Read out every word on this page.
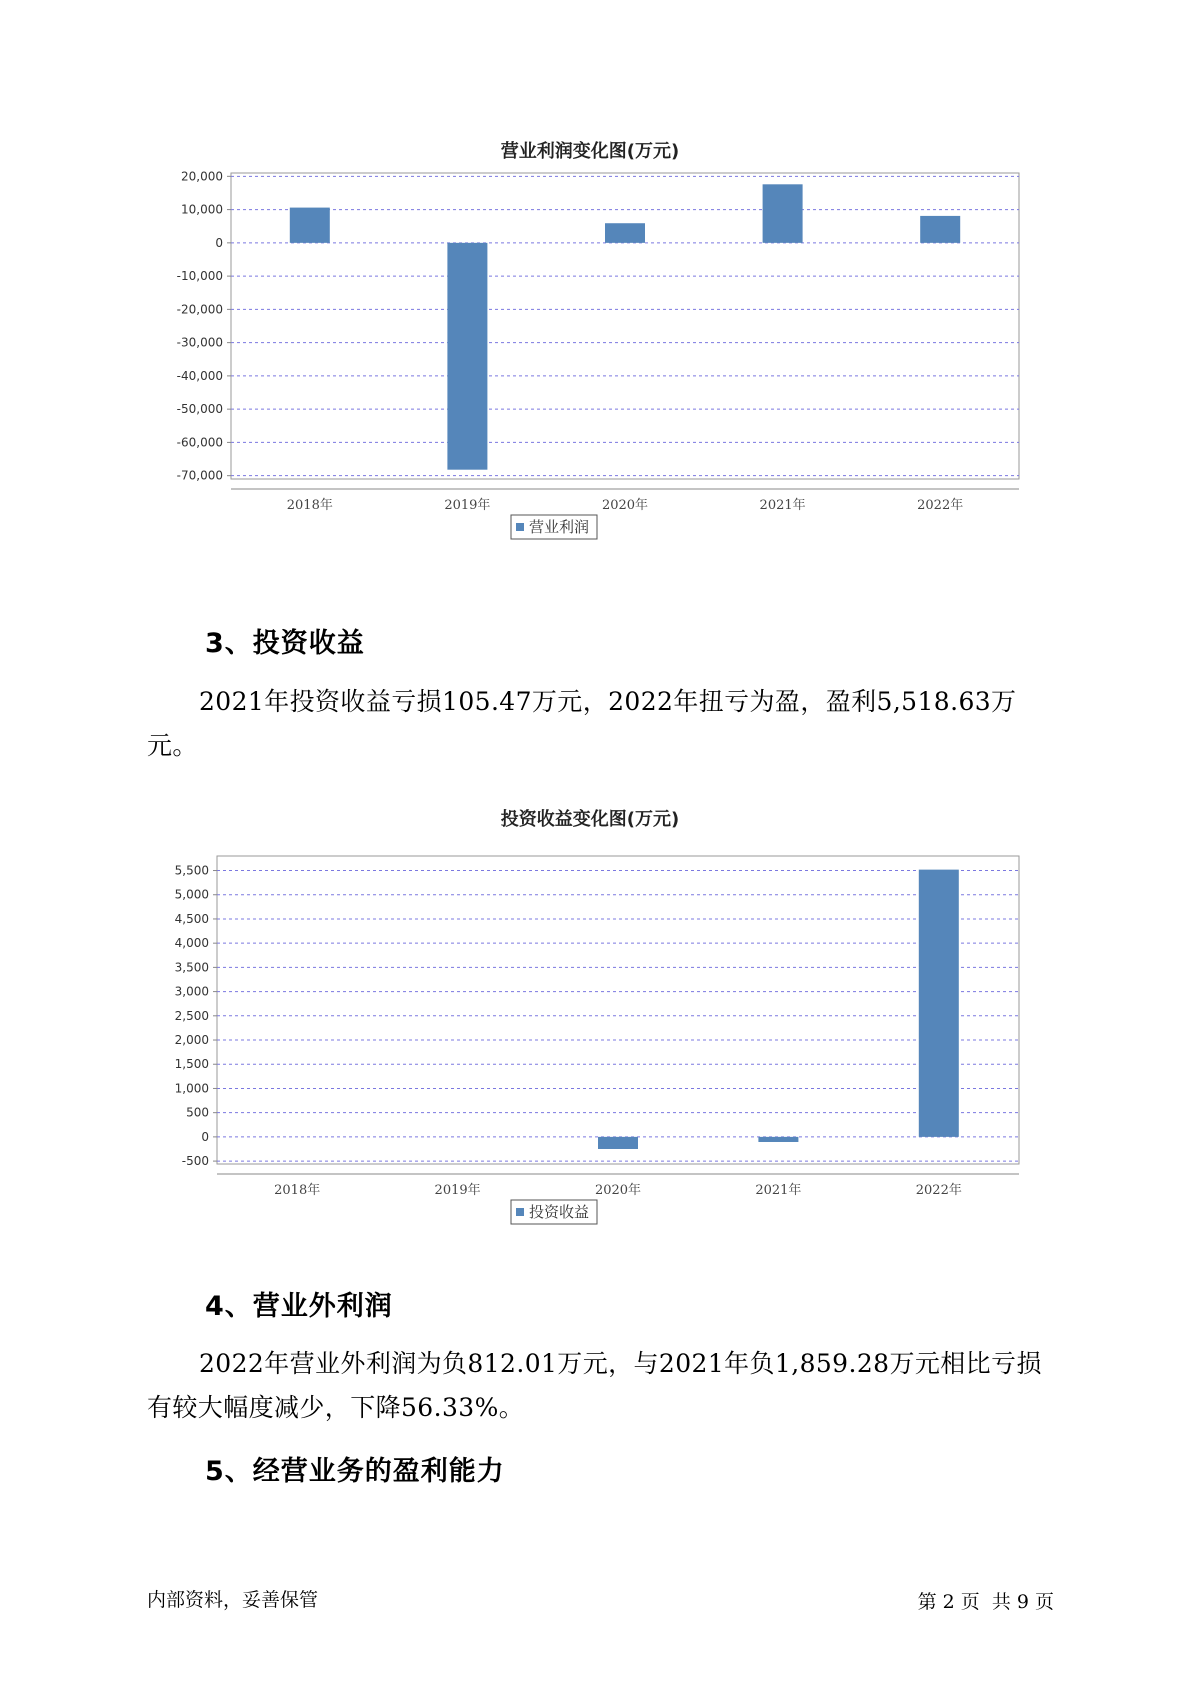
营业利润变化图(万元)
20,000
10,000
0
-10,000
-20,000
-30,000
-40,000
-50,000
-60,000
-70,000
2018年	2019年	2020年	2021年	2022年
营业利润
3、投资收益

2021年投资收益亏损105.47万元，2022年扭亏为盈，盈利5,518.63万元。

投资收益变化图(万元)
5,500
5,000
4,500
4,000
3,500
3,000
2,500
2,000
1,500
1,000
500
0
-500
2018年	2019年	2020年	2021年	2022年
投资收益
4、营业外利润

2022年营业外利润为负812.01万元，与2021年负1,859.28万元相比亏损有较大幅度减少，下降56.33%。

5、经营业务的盈利能力

内部资料，妥善保管	第 2 页  共 9 页
